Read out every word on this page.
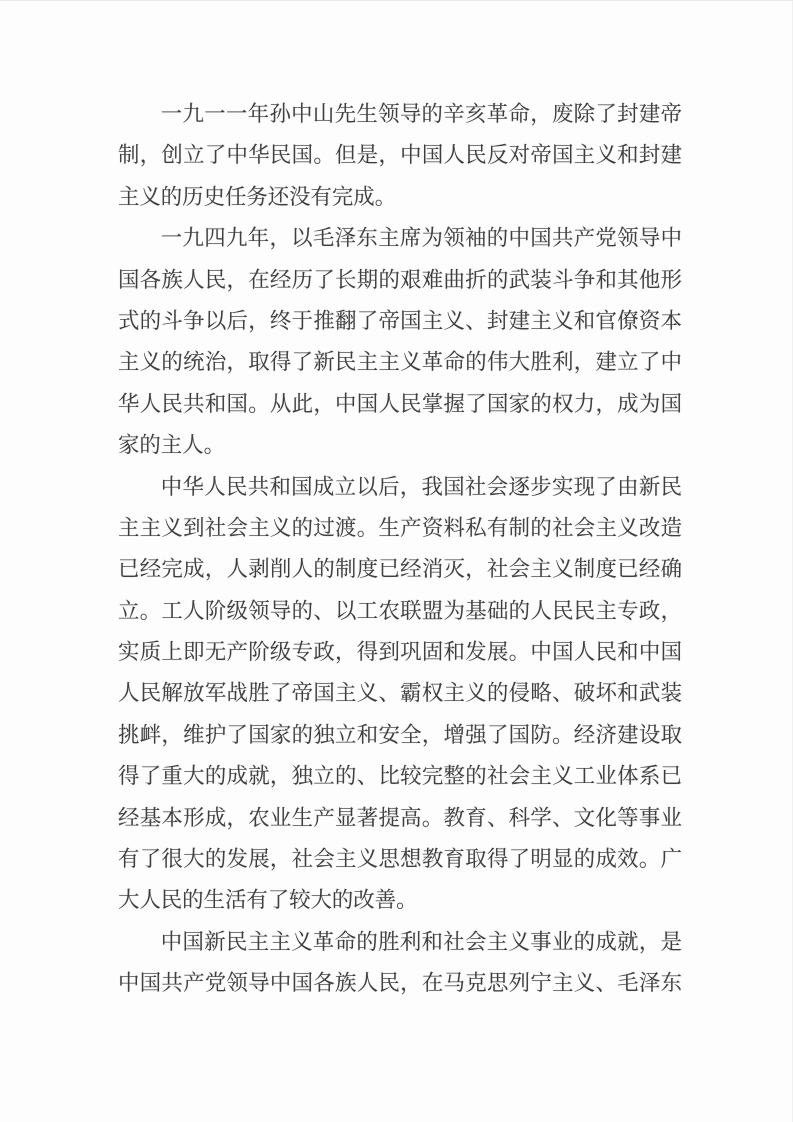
一九一一年孙中山先生领导的辛亥革命，废除了封建帝
制，创立了中华民国。但是，中国人民反对帝国主义和封建
主义的历史任务还没有完成。
一九四九年，以毛泽东主席为领袖的中国共产党领导中
国各族人民，在经历了长期的艰难曲折的武装斗争和其他形
式的斗争以后，终于推翻了帝国主义、封建主义和官僚资本
主义的统治，取得了新民主主义革命的伟大胜利，建立了中
华人民共和国。从此，中国人民掌握了国家的权力，成为国
家的主人。
中华人民共和国成立以后，我国社会逐步实现了由新民
主主义到社会主义的过渡。生产资料私有制的社会主义改造
已经完成，人剥削人的制度已经消灭，社会主义制度已经确
立。工人阶级领导的、以工农联盟为基础的人民民主专政，
实质上即无产阶级专政，得到巩固和发展。中国人民和中国
人民解放军战胜了帝国主义、霸权主义的侵略、破坏和武装
挑衅，维护了国家的独立和安全，增强了国防。经济建设取
得了重大的成就，独立的、比较完整的社会主义工业体系已
经基本形成，农业生产显著提高。教育、科学、文化等事业
有了很大的发展，社会主义思想教育取得了明显的成效。广
大人民的生活有了较大的改善。
中国新民主主义革命的胜利和社会主义事业的成就，是
中国共产党领导中国各族人民，在马克思列宁主义、毛泽东
